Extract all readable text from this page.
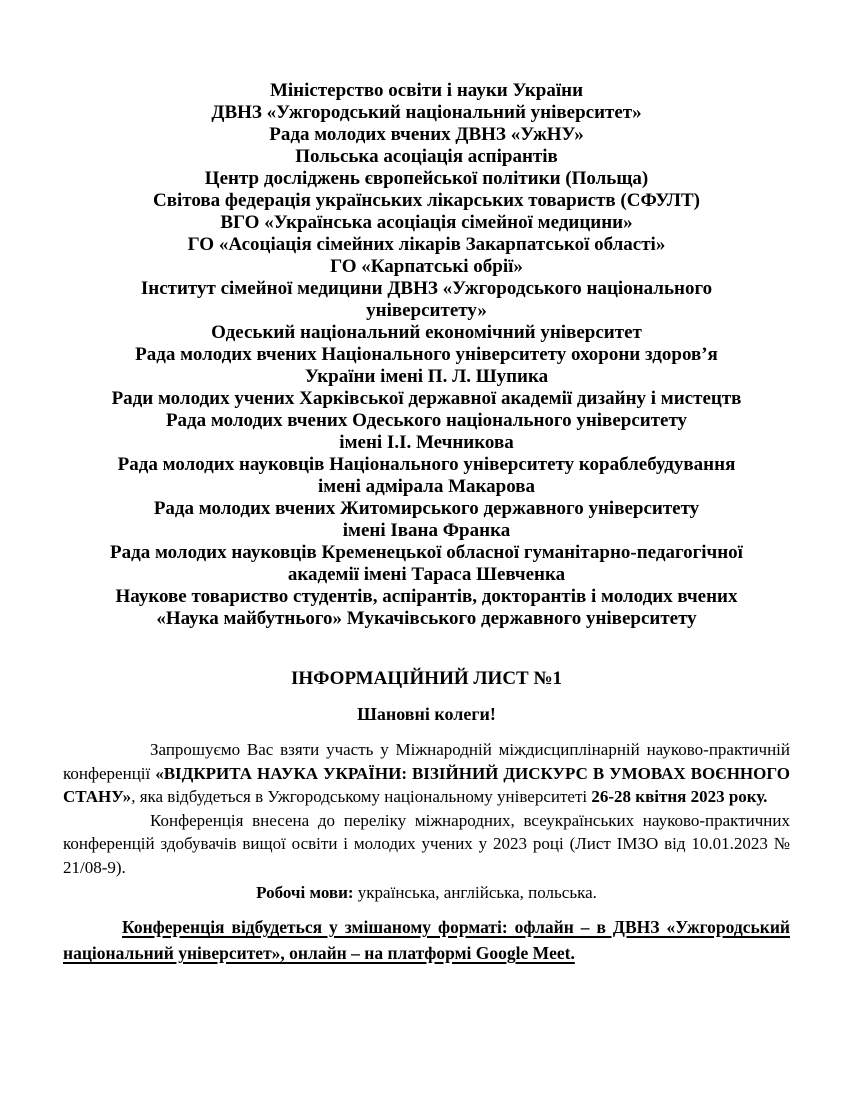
Міністерство освіти і науки України
ДВНЗ «Ужгородський національний університет»
Рада молодих вчених ДВНЗ «УжНУ»
Польська асоціація аспірантів
Центр досліджень європейської політики (Польща)
Світова федерація українських лікарських товариств (СФУЛТ)
ВГО «Українська асоціація сімейної медицини»
ГО «Асоціація сімейних лікарів Закарпатської області»
ГО «Карпатські обрії»
Інститут сімейної медицини ДВНЗ «Ужгородського національного
університету»
Одеський національний економічний університет
Рада молодих вчених Національного університету охорони здоров’я
України імені П. Л. Шупика
Ради молодих учених Харківської державної академії дизайну і мистецтв
Рада молодих вчених Одеського національного університету
імені І.І. Мечникова
Рада молодих науковців Національного університету кораблебудування
імені адмірала Макарова
Рада молодих вчених Житомирського державного університету
імені Івана Франка
Рада молодих науковців Кременецької обласної гуманітарно-педагогічної
академії імені Тараса Шевченка
Наукове товариство студентів, аспірантів, докторантів і молодих вчених
«Наука майбутнього» Мукачівського державного університету
ІНФОРМАЦІЙНИЙ ЛИСТ №1
Шановні колеги!

Запрошуємо Вас взяти участь у Міжнародній міждисциплінарній науково-практичній конференції «ВІДКРИТА НАУКА УКРАЇНИ: ВІЗІЙНИЙ ДИСКУРС В УМОВАХ ВОЄННОГО СТАНУ», яка відбудеться в Ужгородському національному університеті 26-28 квітня 2023 року.

Конференція внесена до переліку міжнародних, всеукраїнських науково-практичних конференцій здобувачів вищої освіти і молодих учених у 2023 році (Лист ІМЗО від 10.01.2023 № 21/08-9).

Робочі мови: українська, англійська, польська.

Конференція відбудеться у змішаному форматі: офлайн – в ДВНЗ «Ужгородський національний університет», онлайн – на платформі Google Meet.
